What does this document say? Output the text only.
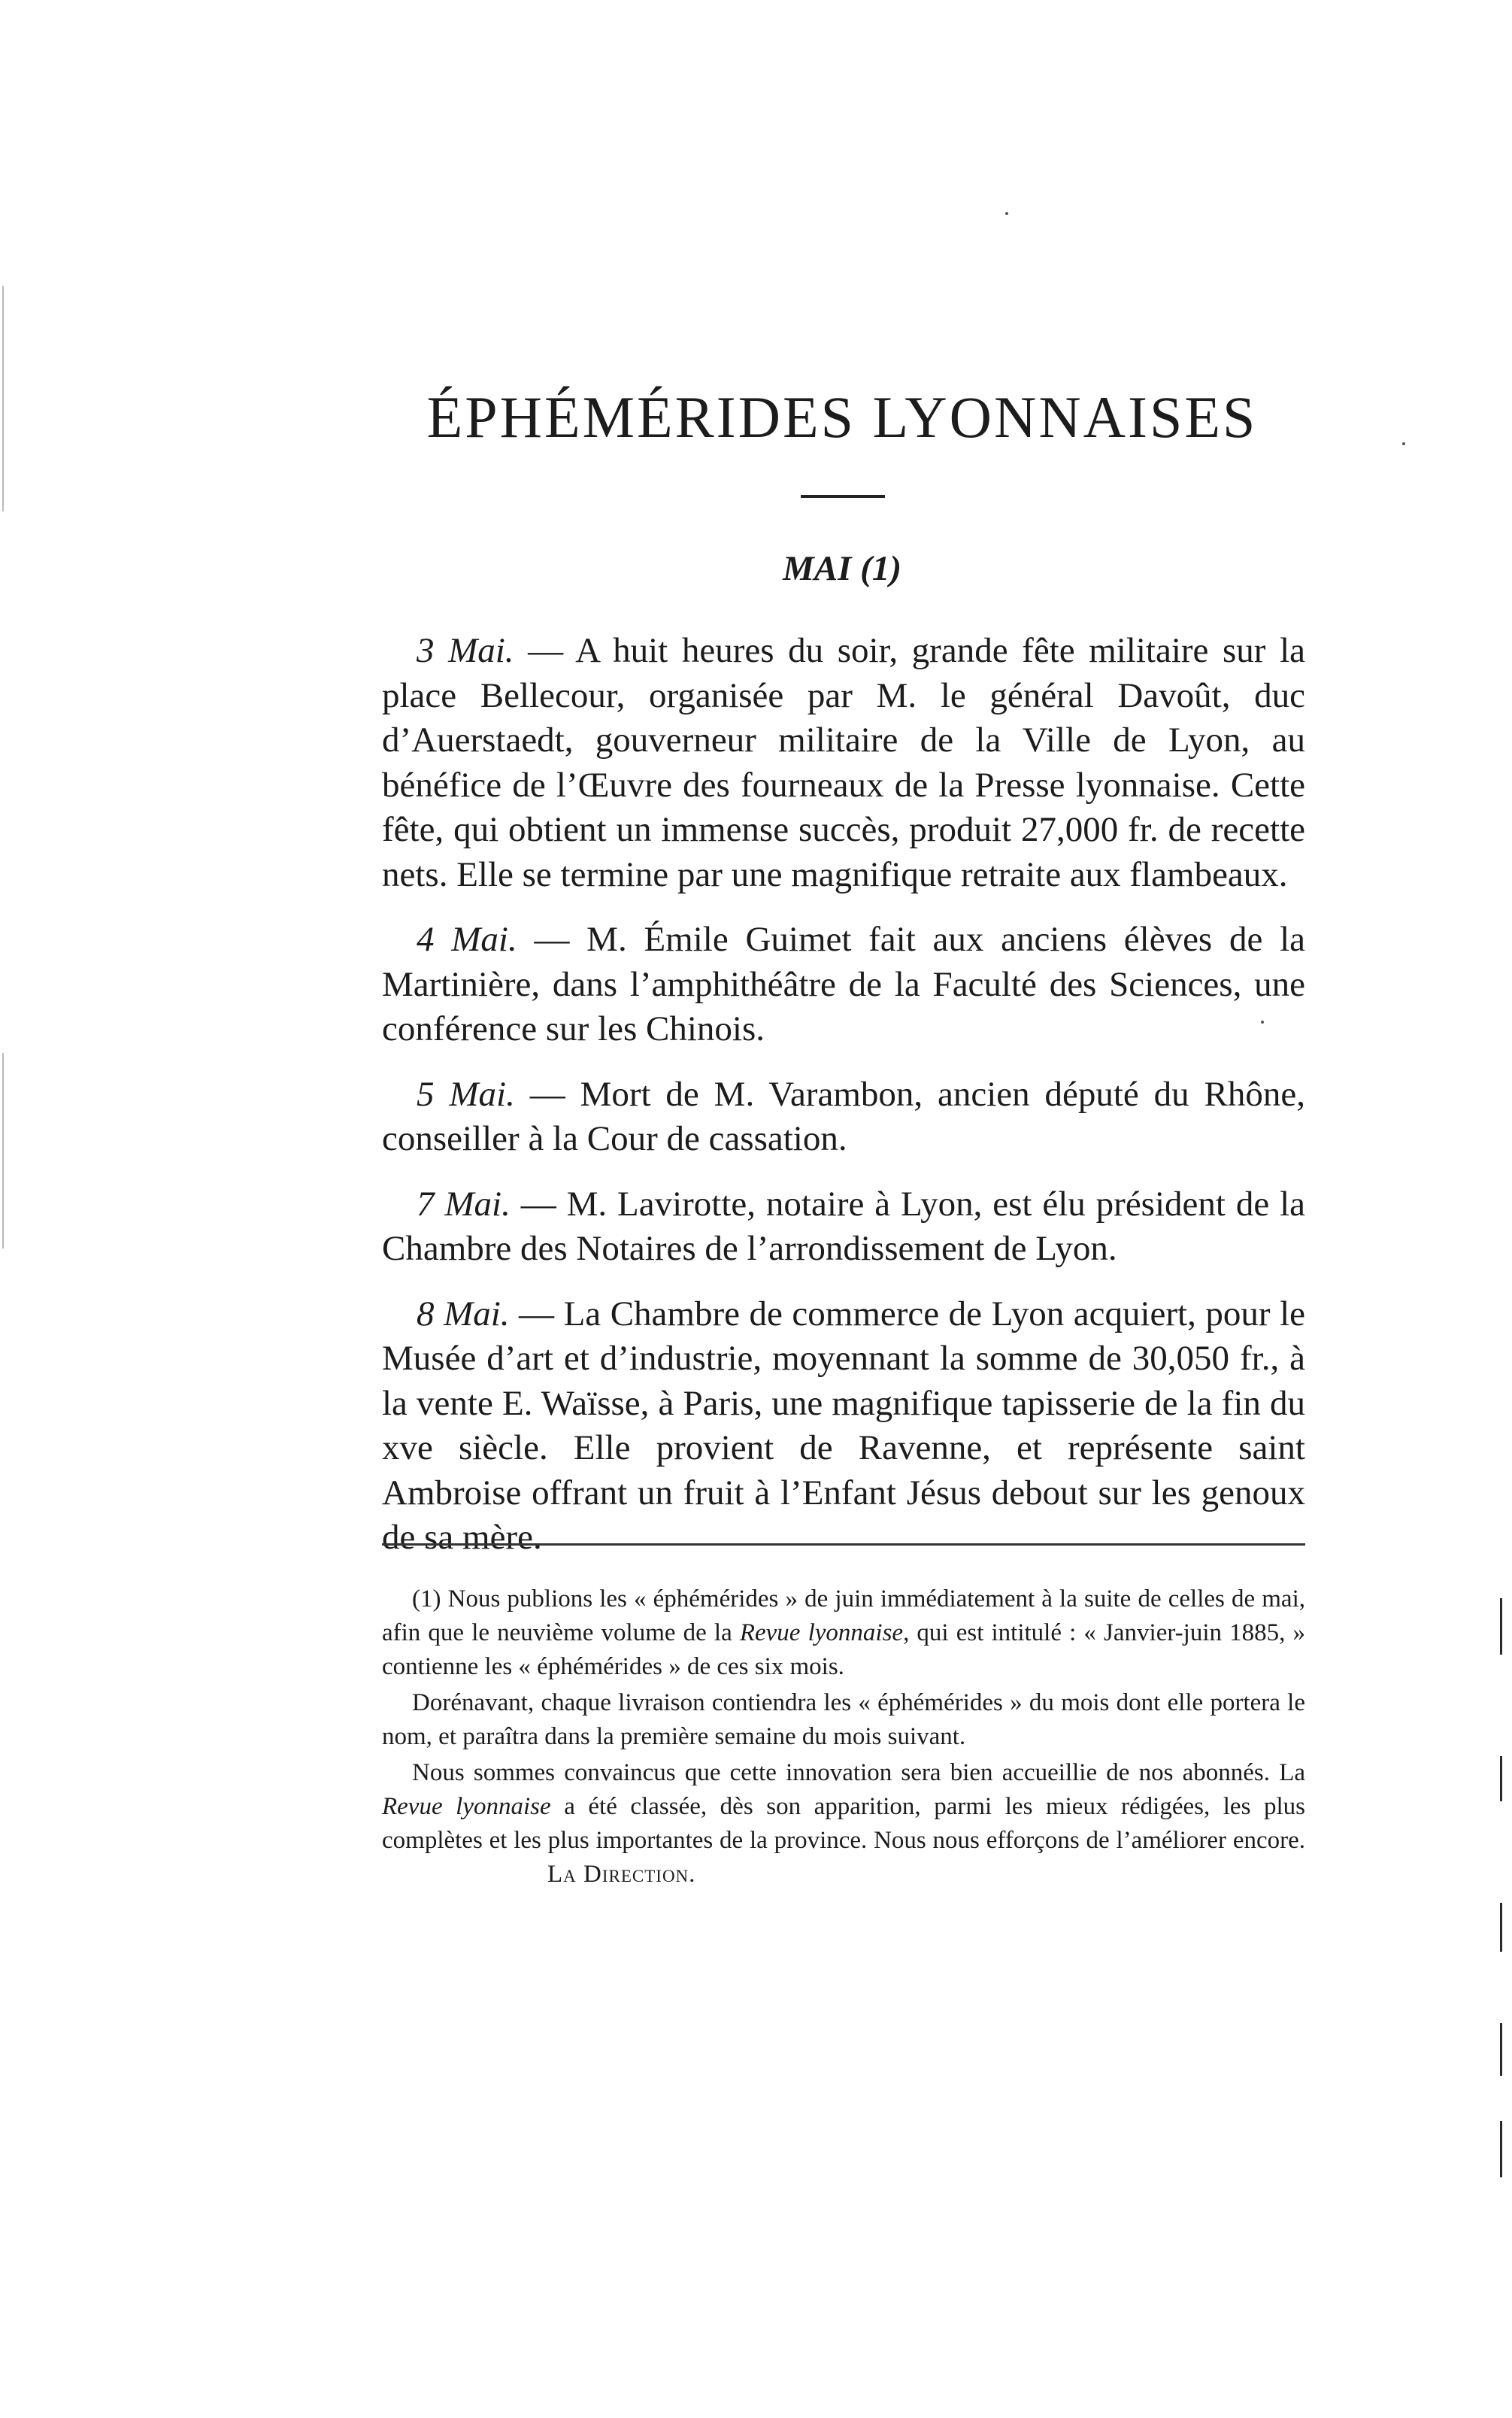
ÉPHÉMÉRIDES LYONNAISES
MAI (1)

3 Mai. — A huit heures du soir, grande fête militaire sur la place Bellecour, organisée par M. le général Davoût, duc d’Auerstaedt, gouverneur militaire de la Ville de Lyon, au bénéfice de l’Œuvre des fourneaux de la Presse lyonnaise. Cette fête, qui obtient un immense succès, produit 27,000 fr. de recette nets. Elle se termine par une magnifique retraite aux flambeaux.

4 Mai. — M. Émile Guimet fait aux anciens élèves de la Martinière, dans l’amphithéâtre de la Faculté des Sciences, une conférence sur les Chinois.

5 Mai. — Mort de M. Varambon, ancien député du Rhône, conseiller à la Cour de cassation.

7 Mai. — M. Lavirotte, notaire à Lyon, est élu président de la Chambre des Notaires de l’arrondissement de Lyon.

8 Mai. — La Chambre de commerce de Lyon acquiert, pour le Musée d’art et d’industrie, moyennant la somme de 30,050 fr., à la vente E. Waïsse, à Paris, une magnifique tapisserie de la fin du xve siècle. Elle provient de Ravenne, et représente saint Ambroise offrant un fruit à l’Enfant Jésus debout sur les genoux de sa mère.

(1) Nous publions les « éphémérides » de juin immédiatement à la suite de celles de mai, afin que le neuvième volume de la Revue lyonnaise, qui est intitulé : « Janvier-juin 1885, » contienne les « éphémérides » de ces six mois.

Dorénavant, chaque livraison contiendra les « éphémérides » du mois dont elle portera le nom, et paraîtra dans la première semaine du mois suivant.

Nous sommes convaincus que cette innovation sera bien accueillie de nos abonnés. La Revue lyonnaise a été classée, dès son apparition, parmi les mieux rédigées, les plus complètes et les plus importantes de la province. Nous nous efforçons de l’améliorer encore.La Direction.
